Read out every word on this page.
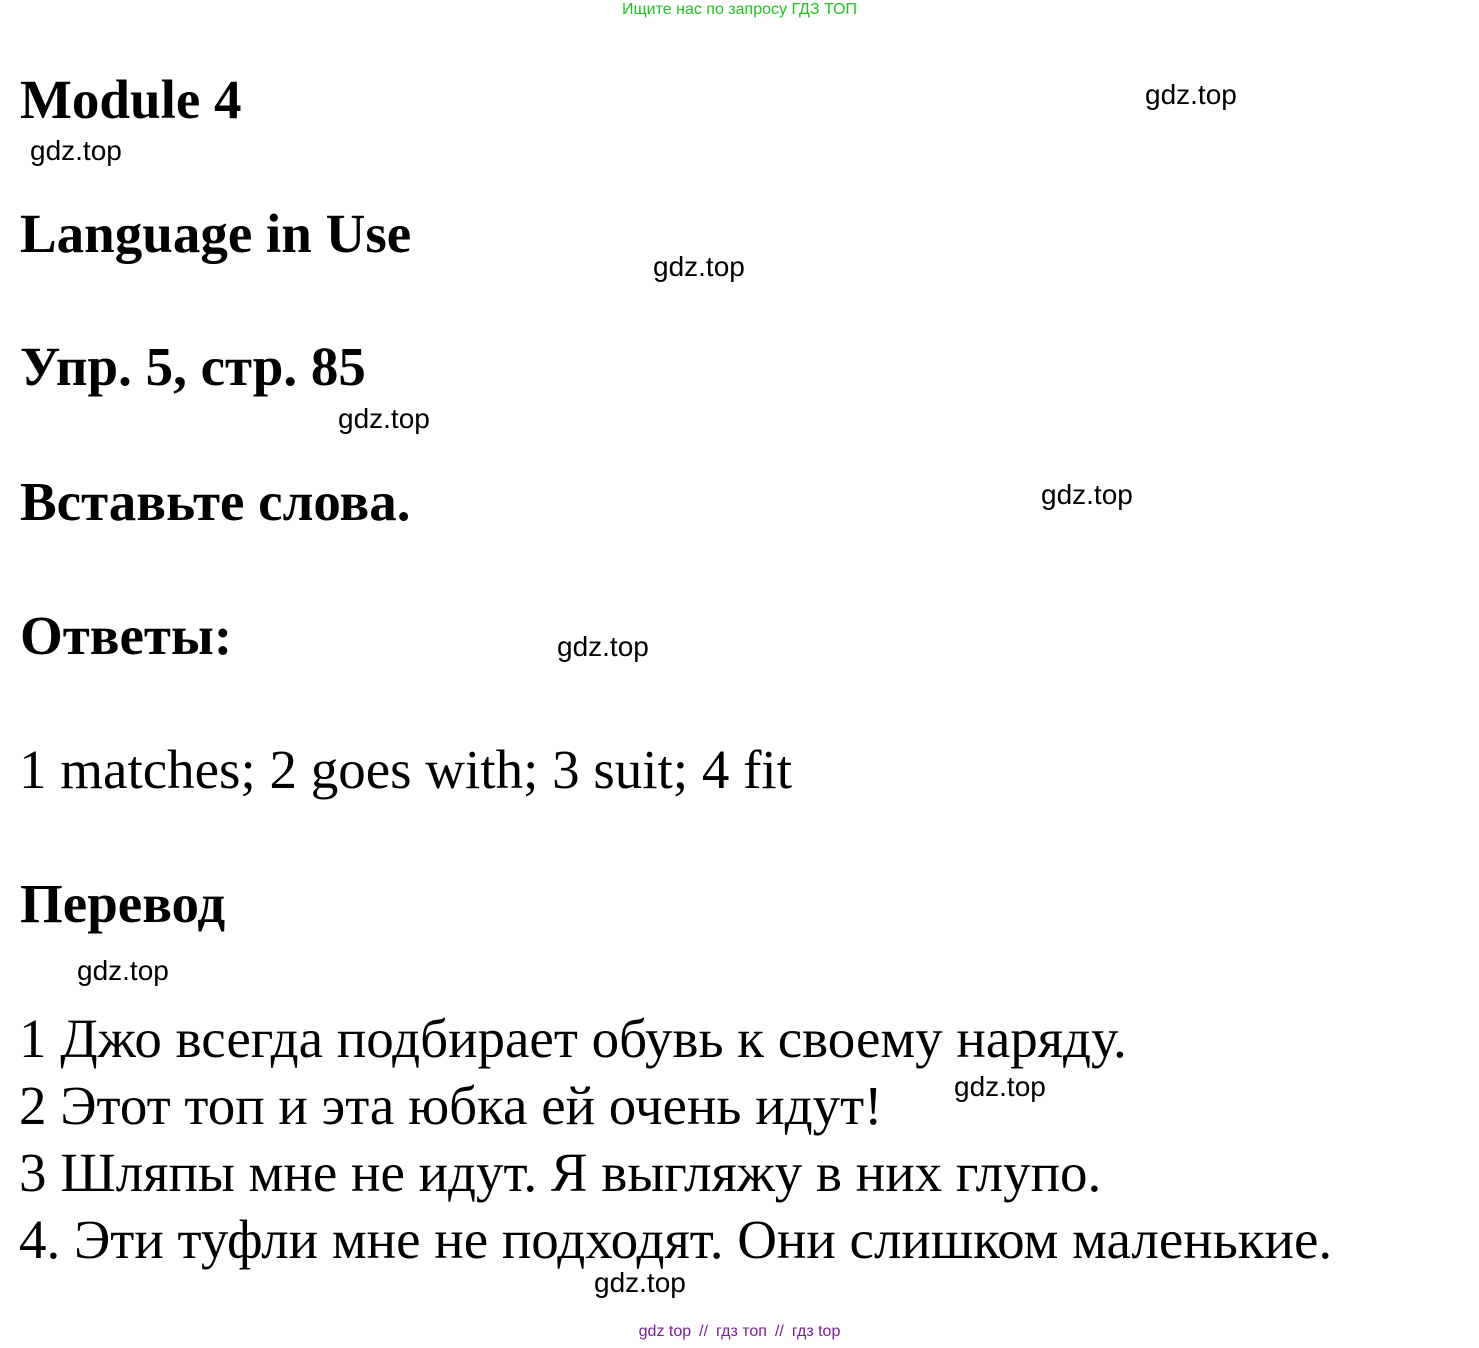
Ищите нас по запросу ГДЗ ТОП
Module 4
Language in Use
Упр. 5, стр. 85
Вставьте слова.
Ответы:
1 matches; 2 goes with; 3 suit; 4 fit
Перевод
1 Джо всегда подбирает обувь к своему наряду.
2 Этот топ и эта юбка ей очень идут!
3 Шляпы мне не идут. Я выгляжу в них глупо.
4. Эти туфли мне не подходят. Они слишком маленькие.
gdz.top
gdz.top
gdz.top
gdz.top
gdz.top
gdz.top
gdz.top
gdz.top
gdz.top
gdz top // гдз топ // гдз top
